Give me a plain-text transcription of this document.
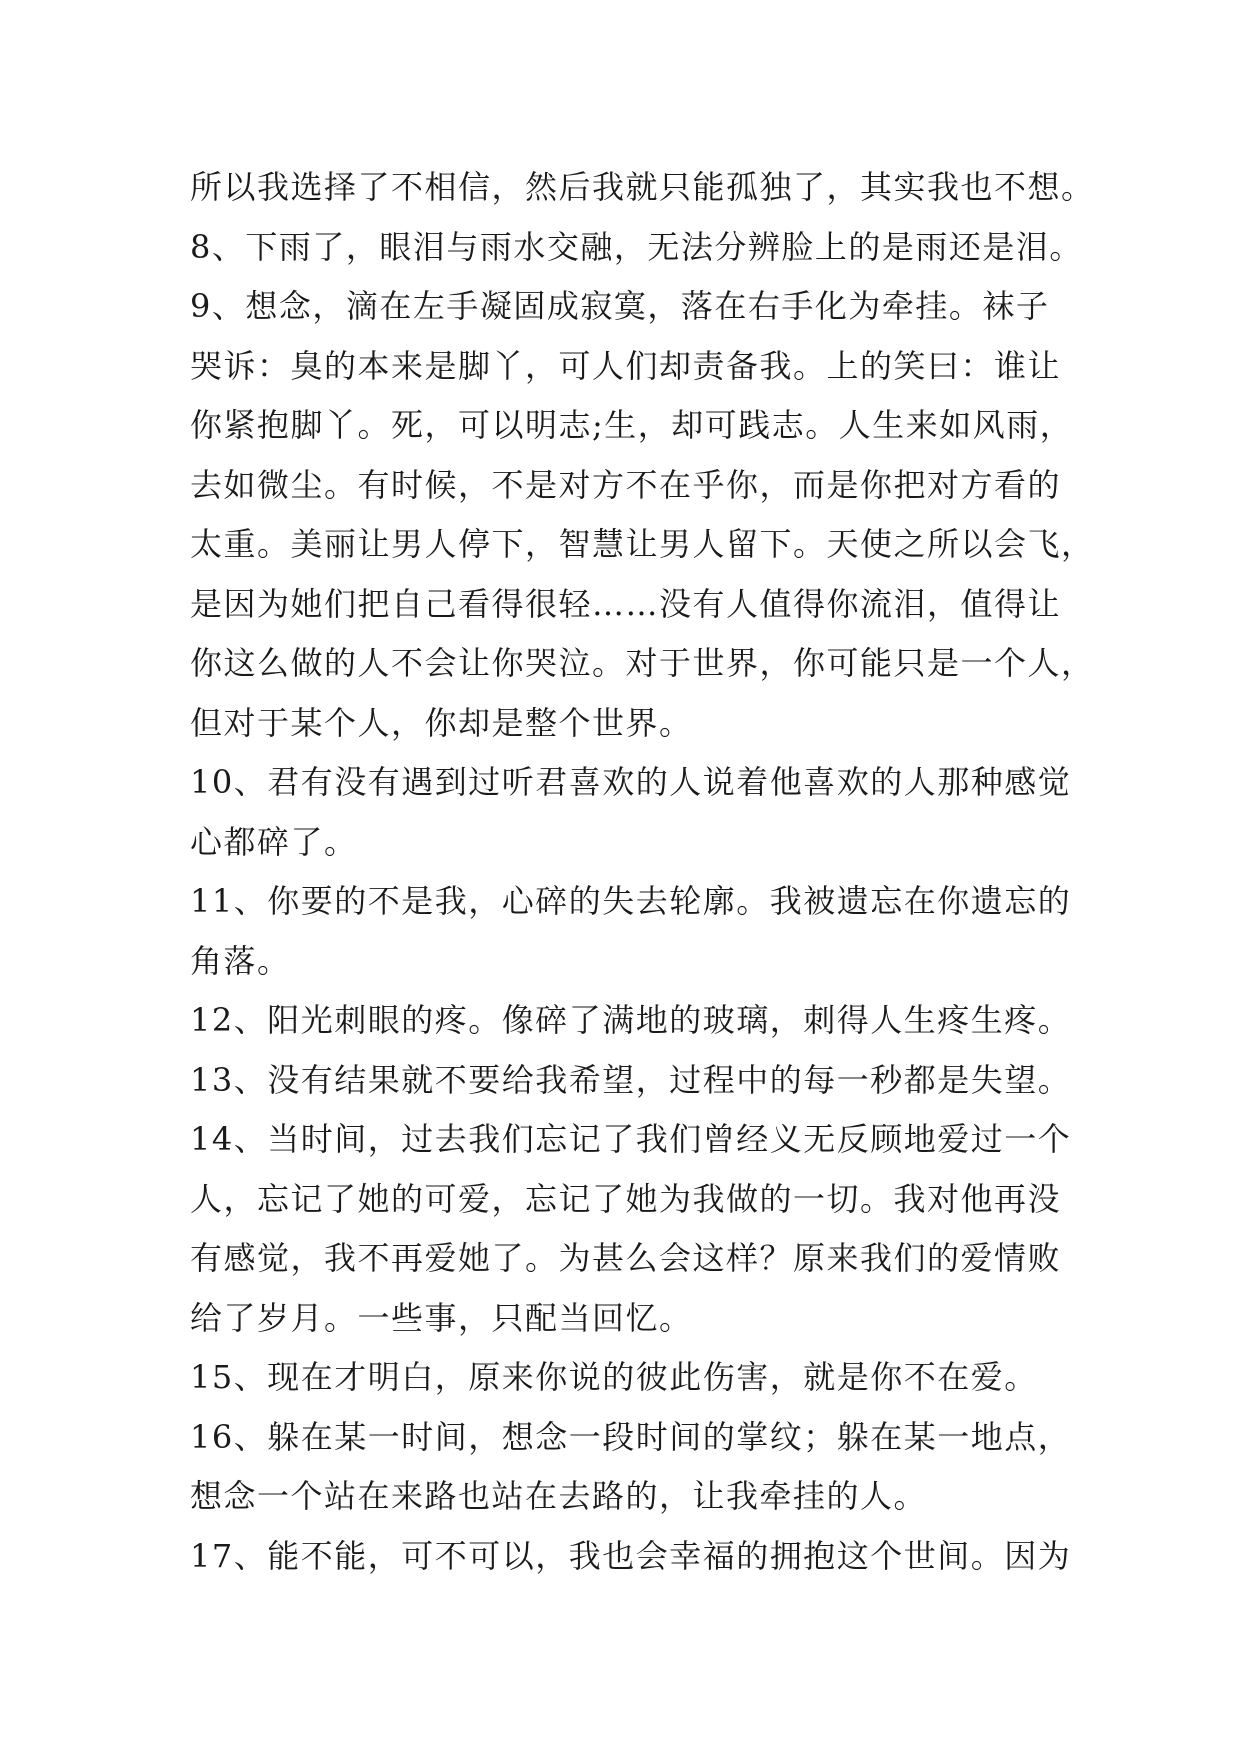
所以我选择了不相信，然后我就只能孤独了，其实我也不想。
8、下雨了，眼泪与雨水交融，无法分辨脸上的是雨还是泪。
9、想念，滴在左手凝固成寂寞，落在右手化为牵挂。袜子
哭诉：臭的本来是脚丫，可人们却责备我。上的笑曰：谁让
你紧抱脚丫。死，可以明志;生，却可践志。人生来如风雨，
去如微尘。有时候，不是对方不在乎你，而是你把对方看的
太重。美丽让男人停下，智慧让男人留下。天使之所以会飞，
是因为她们把自己看得很轻……没有人值得你流泪，值得让
你这么做的人不会让你哭泣。对于世界，你可能只是一个人，
但对于某个人，你却是整个世界。
10、君有没有遇到过听君喜欢的人说着他喜欢的人那种感觉
心都碎了。
11、你要的不是我，心碎的失去轮廓。我被遗忘在你遗忘的
角落。
12、阳光刺眼的疼。像碎了满地的玻璃，刺得人生疼生疼。
13、没有结果就不要给我希望，过程中的每一秒都是失望。
14、当时间，过去我们忘记了我们曾经义无反顾地爱过一个
人，忘记了她的可爱，忘记了她为我做的一切。我对他再没
有感觉，我不再爱她了。为甚么会这样？原来我们的爱情败
给了岁月。一些事，只配当回忆。
15、现在才明白，原来你说的彼此伤害，就是你不在爱。
16、躲在某一时间，想念一段时间的掌纹；躲在某一地点，
想念一个站在来路也站在去路的，让我牵挂的人。
17、能不能，可不可以，我也会幸福的拥抱这个世间。因为
